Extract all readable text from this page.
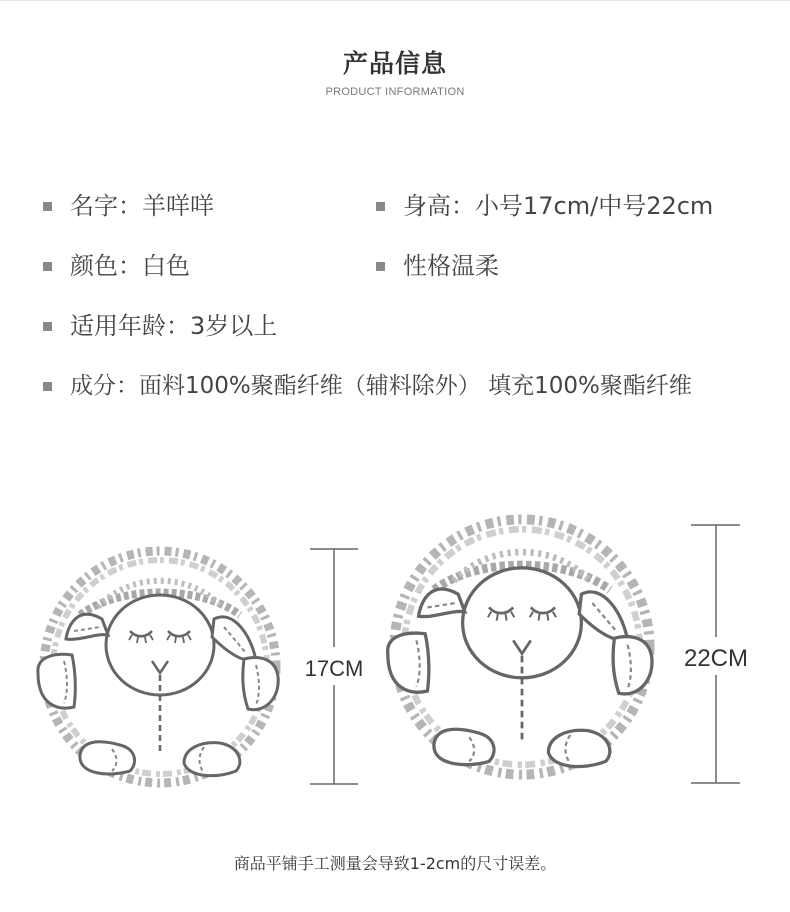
产品信息
PRODUCT INFORMATION
名字：羊咩咩	身高：小号17cm/中号22cm
颜色：白色	性格温柔
适用年龄：3岁以上
成分：面料100%聚酯纤维（辅料除外） 填充100%聚酯纤维
17CM	22CM
商品平铺手工测量会导致1-2cm的尺寸误差。
